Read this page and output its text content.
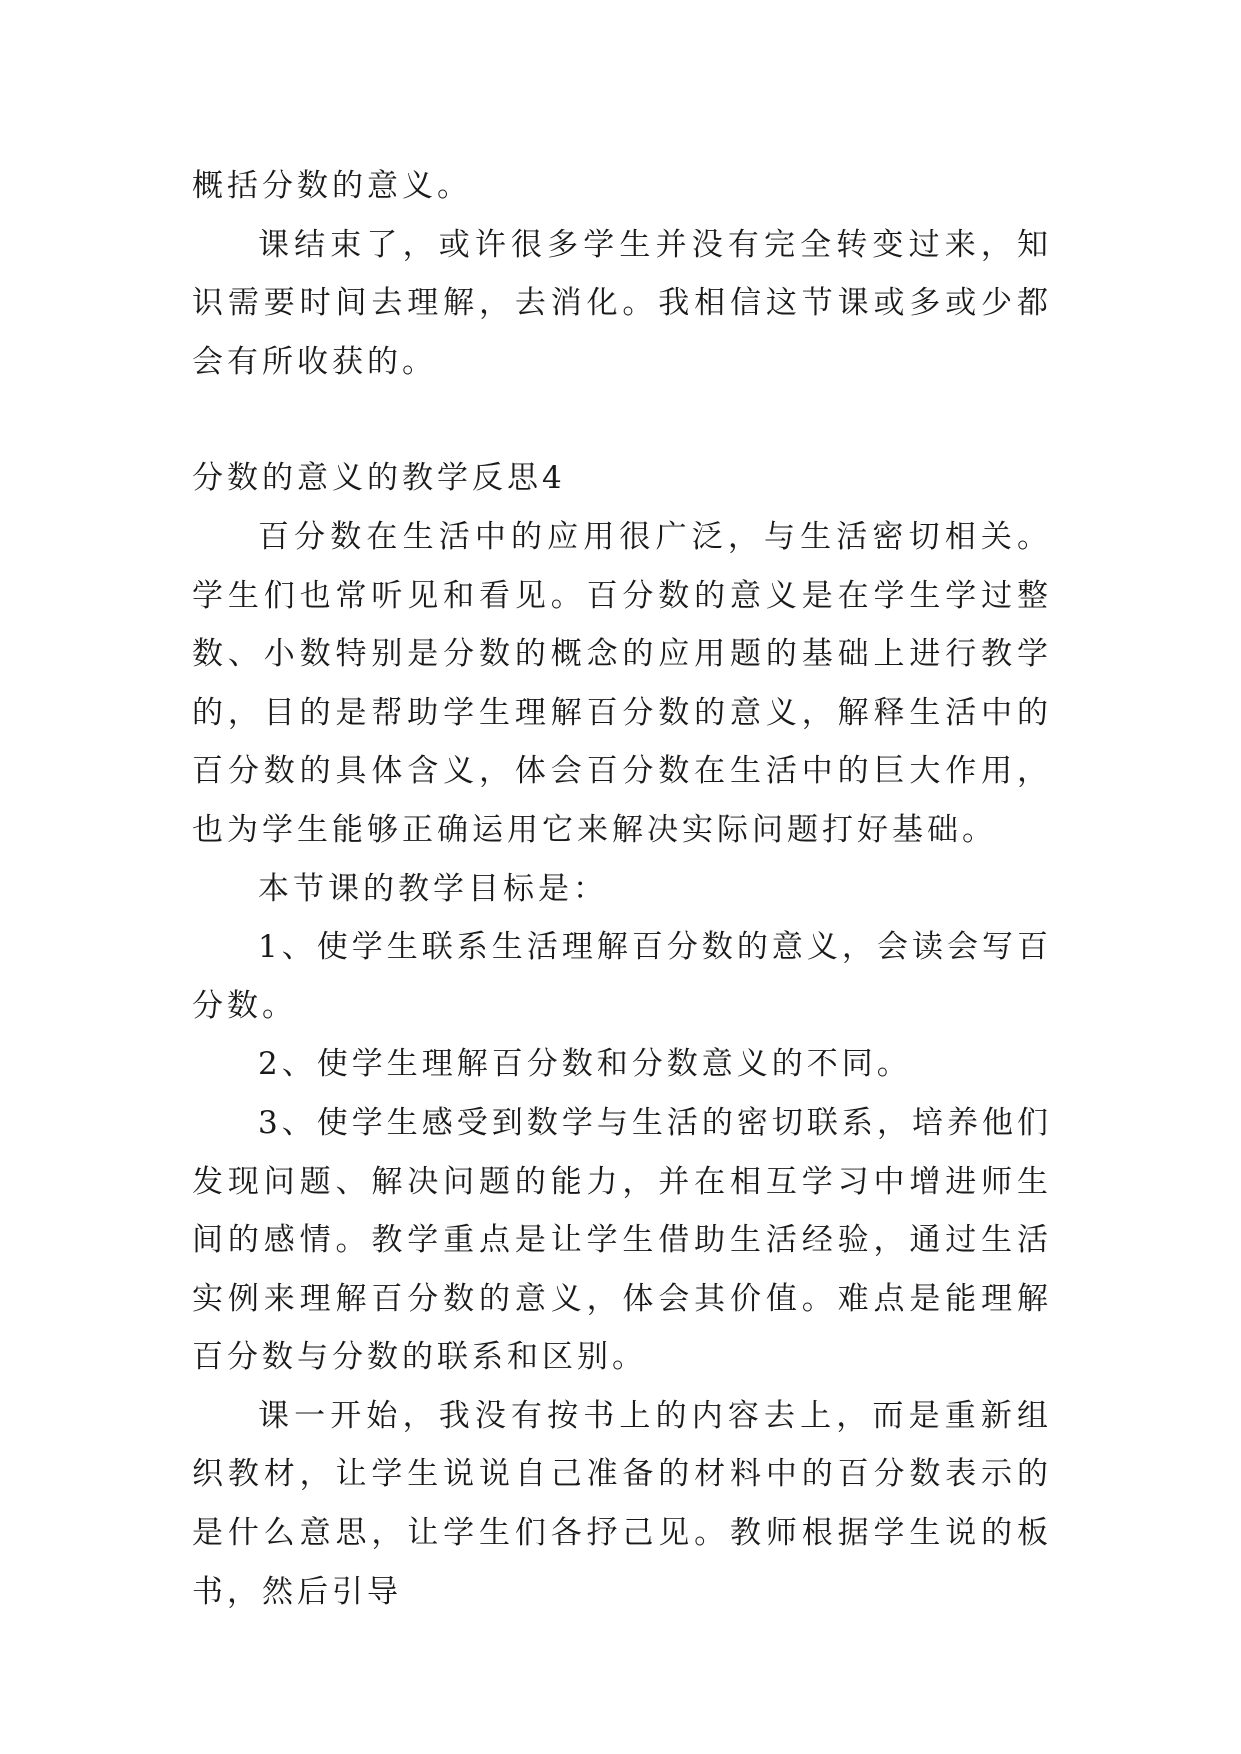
概括分数的意义。

课结束了，或许很多学生并没有完全转变过来，知识需要时间去理解，去消化。我相信这节课或多或少都会有所收获的。

分数的意义的教学反思4

百分数在生活中的应用很广泛，与生活密切相关。学生们也常听见和看见。百分数的意义是在学生学过整数、小数特别是分数的概念的应用题的基础上进行教学的，目的是帮助学生理解百分数的意义，解释生活中的百分数的具体含义，体会百分数在生活中的巨大作用，也为学生能够正确运用它来解决实际问题打好基础。

本节课的教学目标是：

1、使学生联系生活理解百分数的意义，会读会写百分数。

2、使学生理解百分数和分数意义的不同。

3、使学生感受到数学与生活的密切联系，培养他们发现问题、解决问题的能力，并在相互学习中增进师生间的感情。教学重点是让学生借助生活经验，通过生活实例来理解百分数的意义，体会其价值。难点是能理解百分数与分数的联系和区别。

课一开始，我没有按书上的内容去上，而是重新组织教材，让学生说说自己准备的材料中的百分数表示的是什么意思，让学生们各抒己见。教师根据学生说的板书，然后引导
